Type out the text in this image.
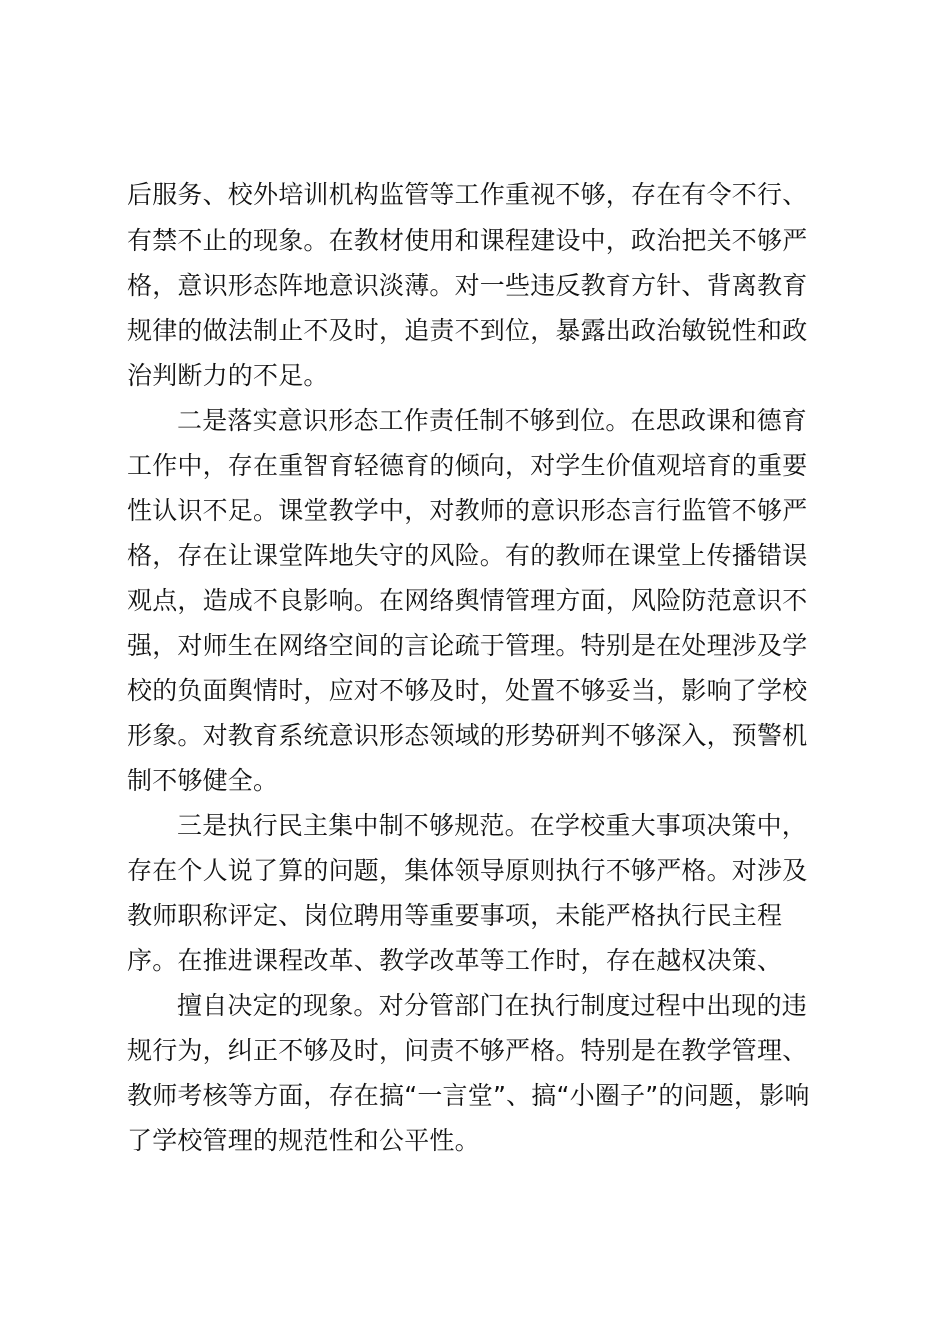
后服务、校外培训机构监管等工作重视不够，存在有令不行、
有禁不止的现象。在教材使用和课程建设中，政治把关不够严
格，意识形态阵地意识淡薄。对一些违反教育方针、背离教育
规律的做法制止不及时，追责不到位，暴露出政治敏锐性和政
治判断力的不足。
二是落实意识形态工作责任制不够到位。在思政课和德育
工作中，存在重智育轻德育的倾向，对学生价值观培育的重要
性认识不足。课堂教学中，对教师的意识形态言行监管不够严
格，存在让课堂阵地失守的风险。有的教师在课堂上传播错误
观点，造成不良影响。在网络舆情管理方面，风险防范意识不
强，对师生在网络空间的言论疏于管理。特别是在处理涉及学
校的负面舆情时，应对不够及时，处置不够妥当，影响了学校
形象。对教育系统意识形态领域的形势研判不够深入，预警机
制不够健全。
三是执行民主集中制不够规范。在学校重大事项决策中，
存在个人说了算的问题，集体领导原则执行不够严格。对涉及
教师职称评定、岗位聘用等重要事项，未能严格执行民主程
序。在推进课程改革、教学改革等工作时，存在越权决策、
擅自决定的现象。对分管部门在执行制度过程中出现的违
规行为，纠正不够及时，问责不够严格。特别是在教学管理、
教师考核等方面，存在搞“一言堂”、搞“小圈子”的问题，影响
了学校管理的规范性和公平性。
